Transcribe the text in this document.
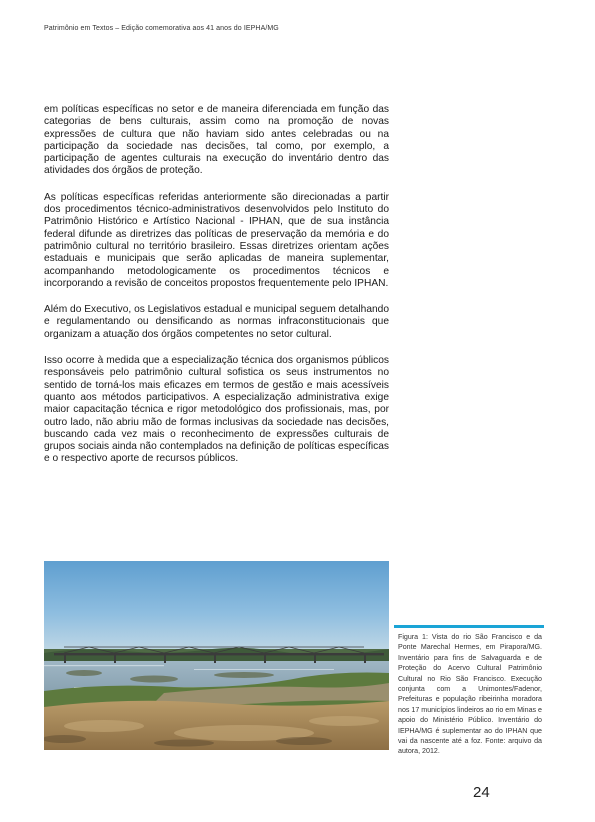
Patrimônio em Textos – Edição comemorativa aos 41 anos do IEPHA/MG

em políticas específicas no setor e de maneira diferenciada em função das categorias de bens culturais, assim como na promoção de novas expressões de cultura que não haviam sido antes celebradas ou na participação da sociedade nas decisões, tal como, por exemplo, a participação de agentes culturais na execução do inventário dentro das atividades dos órgãos de proteção.

As políticas específicas referidas anteriormente são direcionadas a partir dos procedimentos técnico-administrativos desenvolvidos pelo Instituto do Patrimônio Histórico e Artístico Nacional - IPHAN, que de sua instância federal difunde as diretrizes das políticas de preservação da memória e do patrimônio cultural no território brasileiro. Essas diretrizes orientam ações estaduais e municipais que serão aplicadas de maneira suplementar, acompanhando metodologicamente os procedimentos técnicos e incorporando a revisão de conceitos propostos frequentemente pelo IPHAN.

Além do Executivo, os Legislativos estadual e municipal seguem detalhando e regulamentando ou densificando as normas infraconstitucionais que organizam a atuação dos órgãos competentes no setor cultural.

Isso ocorre à medida que a especialização técnica dos organismos públicos responsáveis pelo patrimônio cultural sofistica os seus instrumentos no sentido de torná-los mais eficazes em termos de gestão e mais acessíveis quanto aos métodos participativos. A especialização administrativa exige maior capacitação técnica e rigor metodológico dos profissionais, mas, por outro lado, não abriu mão de formas inclusivas da sociedade nas decisões, buscando cada vez mais o reconhecimento de expressões culturais de grupos sociais ainda não contemplados na definição de políticas específicas e o respectivo aporte de recursos públicos.

Figura 1: Vista do rio São Francisco e da Ponte Marechal Hermes, em Pirapora/MG. Inventário para fins de Salvaguarda e de Proteção do Acervo Cultural Patrimônio Cultural no Rio São Francisco. Execução conjunta com a Unimontes/Fadenor, Prefeituras e população ribeirinha moradora nos 17 municípios lindeiros ao rio em Minas e apoio do Ministério Público. Inventário do IEPHA/MG é suplementar ao do IPHAN que vai da nascente até a foz. Fonte: arquivo da autora, 2012.
24
